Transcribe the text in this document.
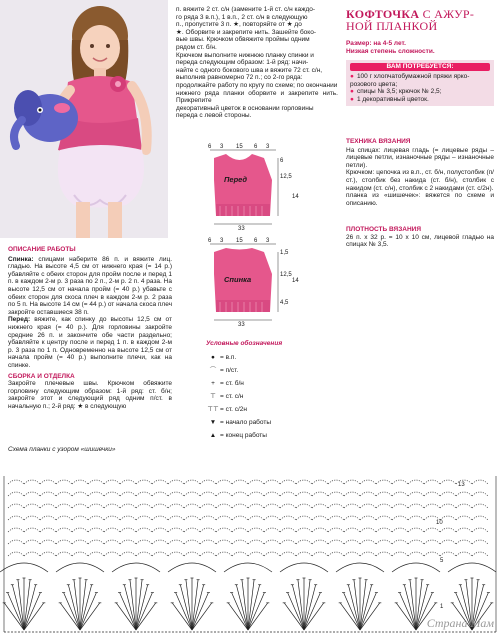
п. вяжите 2 ст. с/н (замените 1-й ст. с/н каждо-
го ряда 3 в.п.), 1 в.п., 2 ст. с/н в следующую
п., пропустите 3 п. ★, повторяйте от ★ до
★. Оборвите и закрепите нить. Зашейте боко-
вые швы. Крючком обвяжите проймы одним
рядом ст. б/н.
Крючком выполните нижнюю планку спинки и
переда следующим образом: 1-й ряд: начи-
найте с одного бокового шва и вяжите 72 ст. с/н,
выполнив равномерно 72 п.; со 2-го ряда:
продолжайте работу по кругу по схеме; по окончании
нижнего ряда планки оборвите и закрепите нить. Прикрепите
декоративный цветок в основании горловины
переда с левой стороны.
КОФТОЧКА С АЖУР-
НОЙ ПЛАНКОЙ
Размер: на 4-5 лет.
Низкая степень сложности.
ВАМ ПОТРЕБУЕТСЯ:
● 100 г хлопчатобумажной пряжи ярко-розового цвета;
● спицы № 3,5; крючок № 2,5;
● 1 декоративный цветок.
ТЕХНИКА ВЯЗАНИЯ
На спицах: лицевая гладь (= лицевые ряды – лицевые петли, изнаночные ряды – изнаночные петли).
Крючком: цепочка из в.п., ст. б/н, полустолбик (п/ст.), столбик без накида (ст. б/н), столбик с накидом (ст. с/н), столбик с 2 накидами (ст. с/2н).
планка из «шишечек»: вяжется по схеме и описанию.
ПЛОТНОСТЬ ВЯЗАНИЯ
26 п. х 32 р. = 10 х 10 см, лицевой гладью на спицах № 3,5.
6 3 15 6 3
Перед
6
12,5
14
33
6 3 15 6 3
Спинка
1,5
12,5
4,5
14
33
ОПИСАНИЕ РАБОТЫ
Спинка: спицами наберите 86 п. и вяжите лиц. гладью. На высоте 4,5 см от нижнего края (= 14 р.) убавляйте с обеих сторон для пройм после и перед 1 п. в каждом 2-м р. 3 раза по 2 п., 2-м р. 2 п. 4 раза. На высоте 12,5 см от начала пройм (= 40 р.) убавьте с обеих сторон для скоса плеч в каждом 2-м р. 2 раза по 5 п. На высоте 14 см (= 44 р.) от начала скоса плеч закройте оставшиеся 38 п.
Перед: вяжите, как спинку до высоты 12,5 см от нижнего края (= 40 р.). Для горловины закройте средние 26 п. и закончите обе части раздельно; убавляйте к центру после и перед 1 п. в каждом 2-м р. 3 раза по 1 п. Одновременно на высоте 12,5 см от начала пройм (= 40 р.) выполните плечи, как на спинке.
СБОРКА И ОТДЕЛКА
Закройте плечевые швы. Крючком обвяжите горловину следующим образом: 1-й ряд: ст. б/н; закройте этот и следующий ряд одним п/ст. в начальную п.; 2-й ряд: ★ в следующую
Условные обозначения
● = в.п.
⌒ = п/ст.
+ = ст. б/н
⊤ = ст. с/н
⊤⊤= ст. с/2н
▼ = начало работы
▲ = конец работы
Схема планки с узором «шишечки»
13
10
5
1
Страна Мам
